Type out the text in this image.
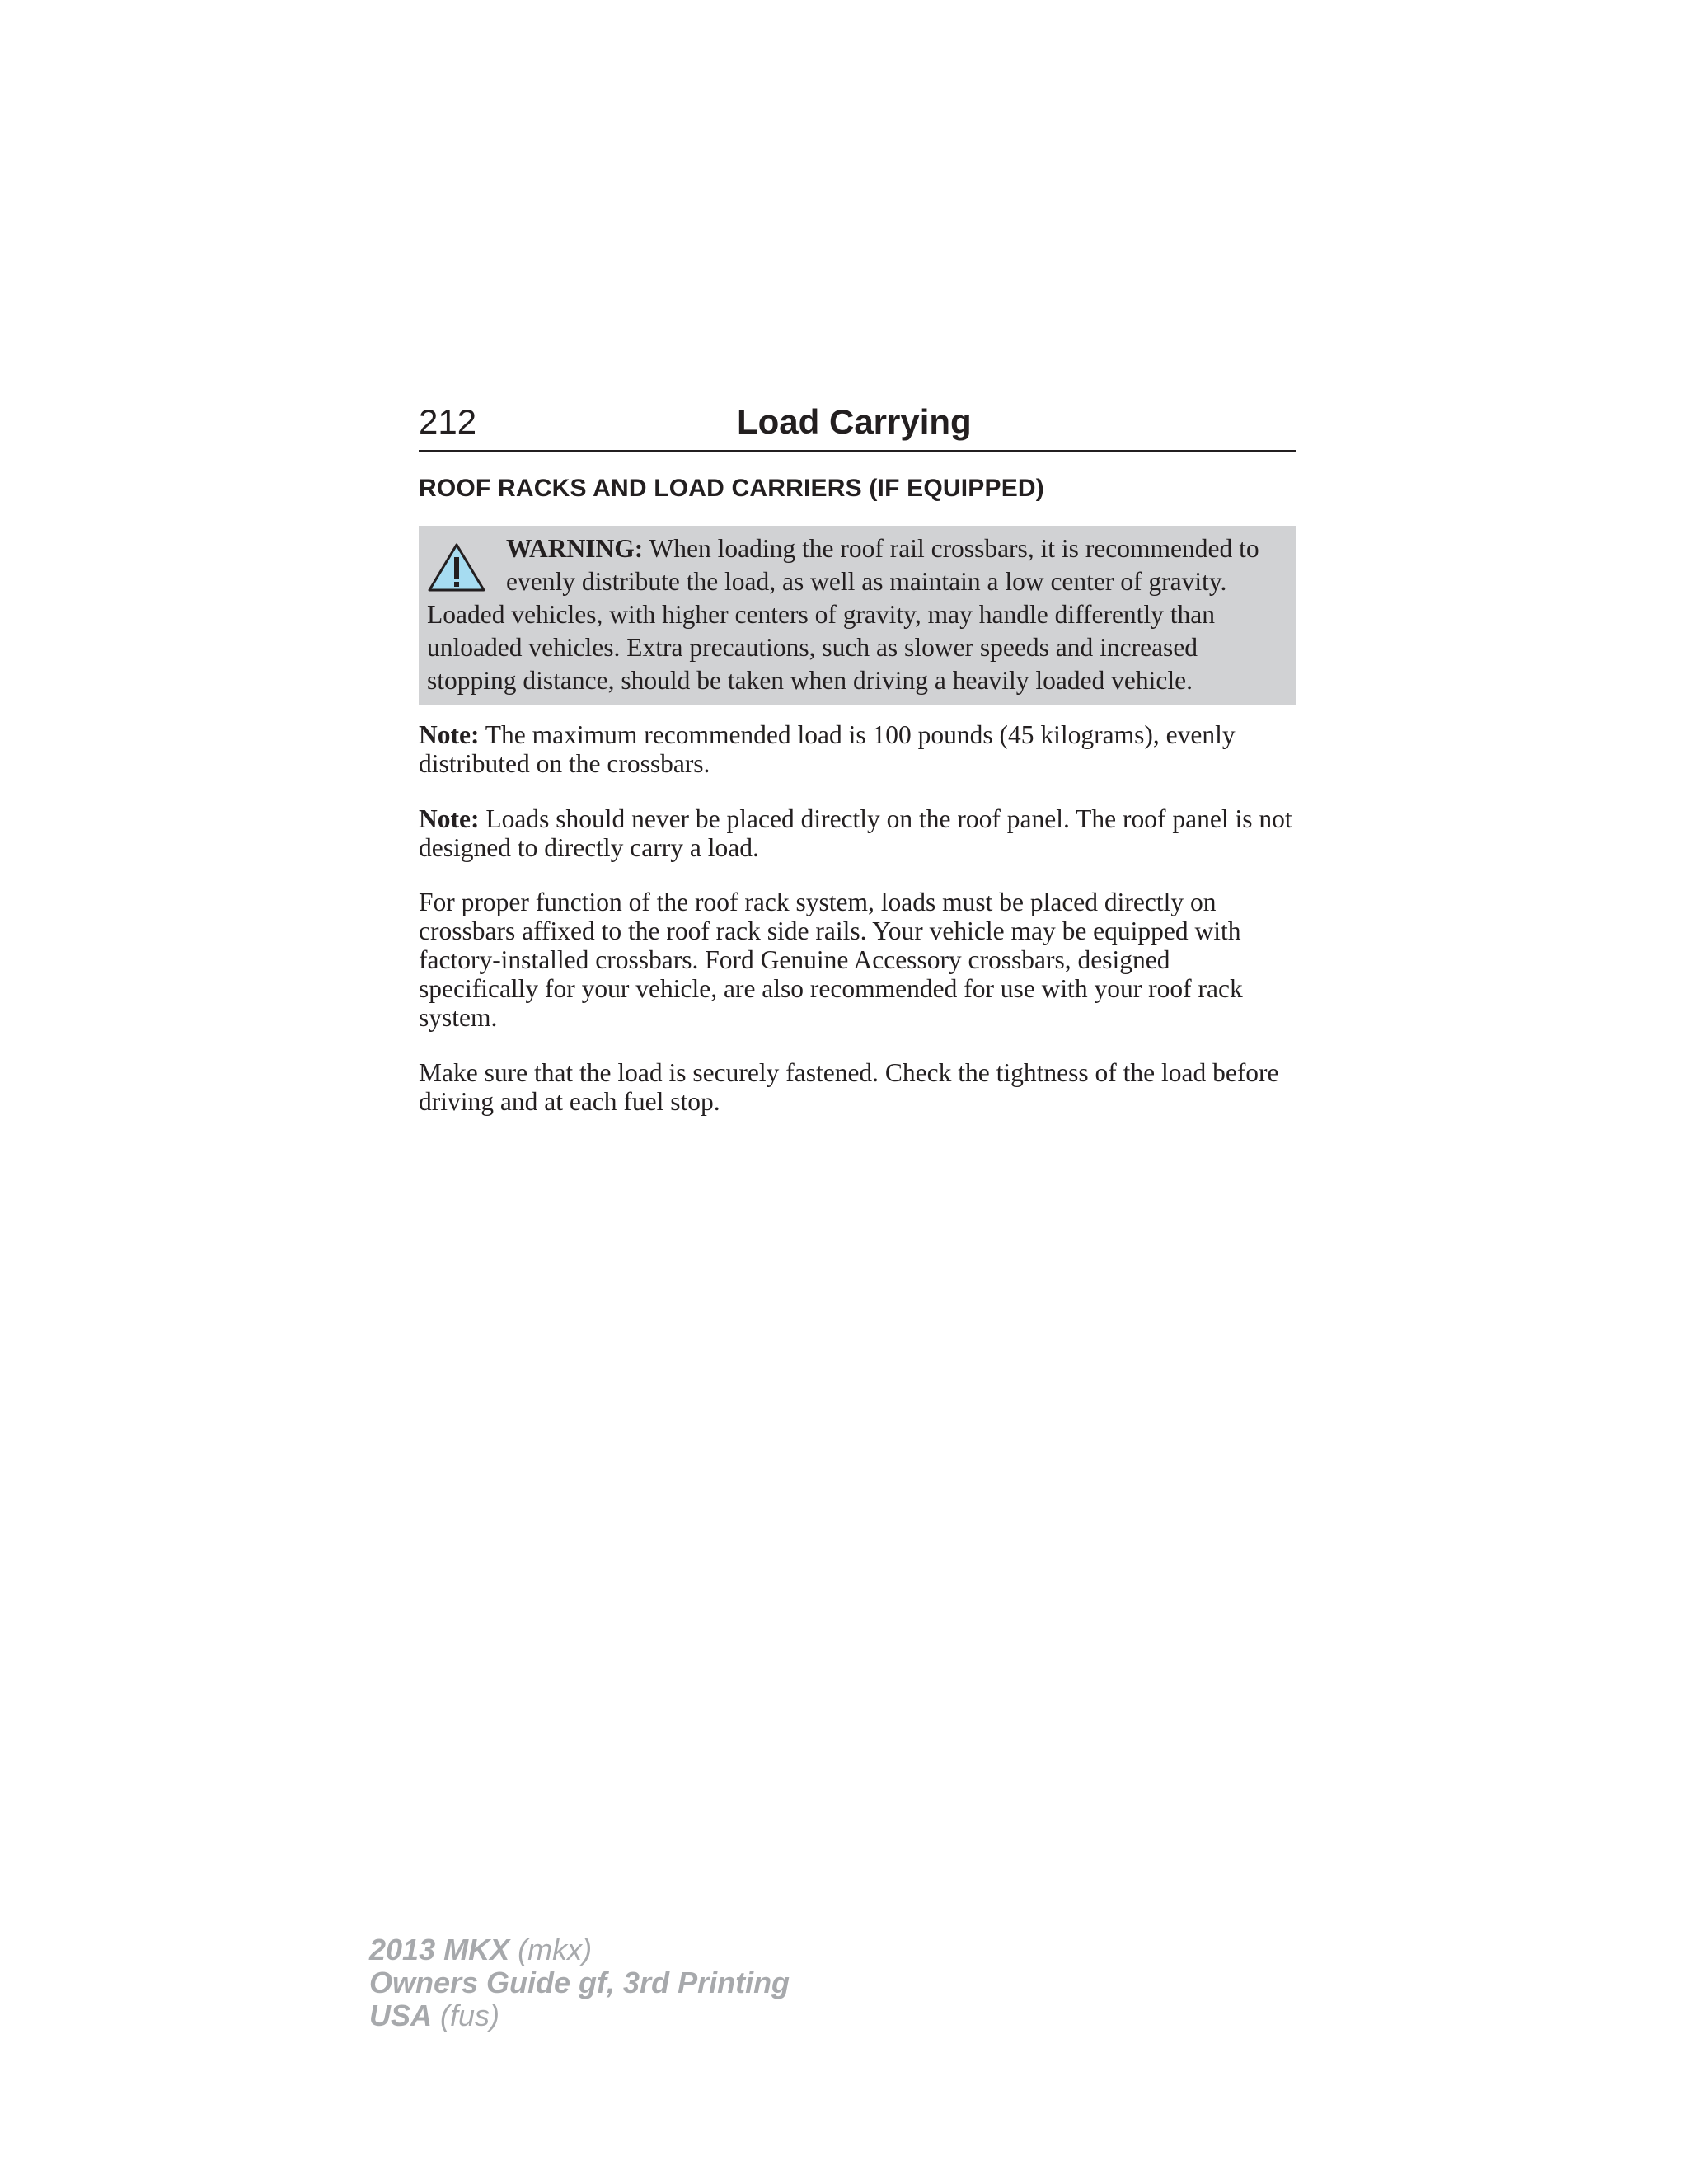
212	Load Carrying
ROOF RACKS AND LOAD CARRIERS (IF EQUIPPED)
WARNING: When loading the roof rail crossbars, it is recommended to evenly distribute the load, as well as maintain a low center of gravity. Loaded vehicles, with higher centers of gravity, may handle differently than unloaded vehicles. Extra precautions, such as slower speeds and increased stopping distance, should be taken when driving a heavily loaded vehicle.

Note: The maximum recommended load is 100 pounds (45 kilograms), evenly distributed on the crossbars.

Note: Loads should never be placed directly on the roof panel. The roof panel is not designed to directly carry a load.

For proper function of the roof rack system, loads must be placed directly on crossbars affixed to the roof rack side rails. Your vehicle may be equipped with factory-installed crossbars. Ford Genuine Accessory crossbars, designed specifically for your vehicle, are also recommended for use with your roof rack system.

Make sure that the load is securely fastened. Check the tightness of the load before driving and at each fuel stop.

2013 MKX (mkx)
Owners Guide gf, 3rd Printing
USA (fus)
